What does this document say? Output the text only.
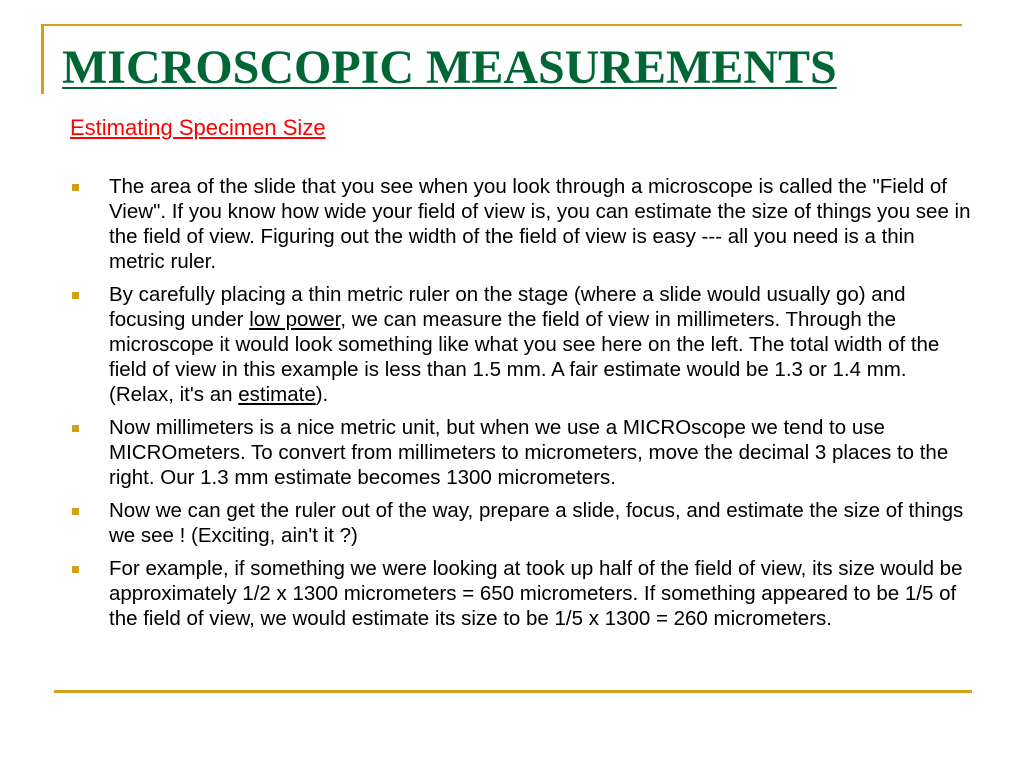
MICROSCOPIC MEASUREMENTS
Estimating Specimen Size
The area of the slide that you see when you look through a microscope is called the "Field of View". If you know how wide your field of view is, you can estimate the size of things you see in the field of view. Figuring out the width of the field of view is easy --- all you need is a thin metric ruler.
By carefully placing a thin metric ruler on the stage (where a slide would usually go) and focusing under low power, we can measure the field of view in millimeters. Through the microscope it would look something like what you see here on the left. The total width of the field of view in this example is less than 1.5 mm. A fair estimate would be 1.3 or 1.4 mm.
(Relax, it's an estimate).
Now millimeters is a nice metric unit, but when we use a MICROscope we tend to use MICROmeters. To convert from millimeters to micrometers, move the decimal 3 places to the right. Our 1.3 mm estimate becomes 1300 micrometers.
Now we can get the ruler out of the way, prepare a slide, focus, and estimate the size of things we see ! (Exciting, ain't it ?)
For example, if something we were looking at took up half of the field of view, its size would be approximately 1/2 x 1300 micrometers = 650 micrometers. If something appeared to be 1/5 of the field of view, we would estimate its size to be 1/5 x 1300 = 260 micrometers.
